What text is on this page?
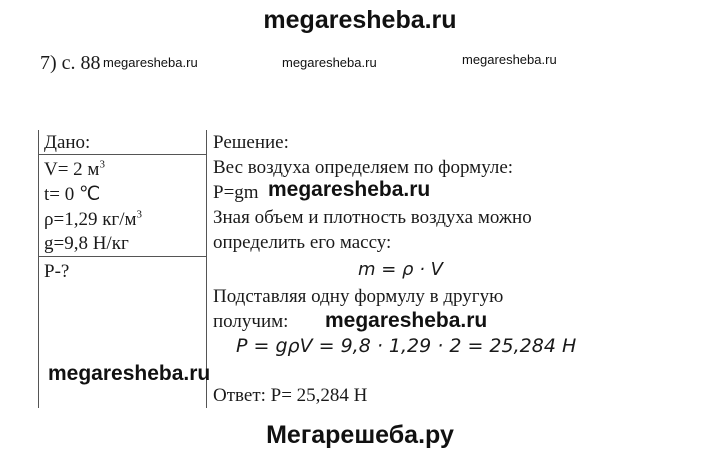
megaresheba.ru
7) с. 88 megaresheba.ru	megaresheba.ru	megaresheba.ru
Дано:
V= 2 $м^3$
t= 0 ℃
ρ=1,29 $кг/м^3$
g=9,8 Н/кг
Р-?
Решение:
Вес воздуха определяем по формуле:
P=gm megaresheba.ru
Зная объем и плотность воздуха можно
определить его массу:
m = ρ · V
Подставляя одну формулу в другую
получим: megaresheba.ru
P = gρV = 9,8 · 1,29 · 2 = 25,284 Н
megaresheba.ru
Ответ: Р= 25,284 Н
Мегарешеба.ру
